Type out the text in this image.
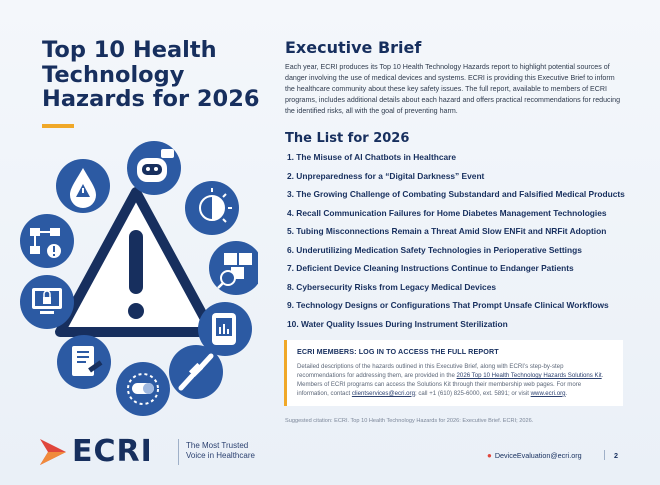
Top 10 Health
Technology
Hazards for 2026
ECRI	The Most Trusted
Voice in Healthcare
Executive Brief

Each year, ECRI produces its Top 10 Health Technology Hazards report to highlight potential sources of danger involving the use of medical devices and systems. ECRI is providing this Executive Brief to inform the healthcare community about these key safety issues. The full report, available to members of ECRI programs, includes additional details about each hazard and offers practical recommendations for reducing the identified risks, all with the goal of preventing harm.

The List for 2026
1. The Misuse of AI Chatbots in Healthcare
2. Unpreparedness for a “Digital Darkness” Event
3. The Growing Challenge of Combating Substandard and Falsified Medical Products
4. Recall Communication Failures for Home Diabetes Management Technologies
5. Tubing Misconnections Remain a Threat Amid Slow ENFit and NRFit Adoption
6. Underutilizing Medication Safety Technologies in Perioperative Settings
7. Deficient Device Cleaning Instructions Continue to Endanger Patients
8. Cybersecurity Risks from Legacy Medical Devices
9. Technology Designs or Configurations That Prompt Unsafe Clinical Workflows
10. Water Quality Issues During Instrument Sterilization

ECRI MEMBERS: LOG IN TO ACCESS THE FULL REPORT

Detailed descriptions of the hazards outlined in this Executive Brief, along with ECRI’s step-by-step recommendations for addressing them, are provided in the 2026 Top 10 Health Technology Hazards Solutions Kit. Members of ECRI programs can access the Solutions Kit through their membership web pages. For more information, contact clientservices@ecri.org; call +1 (610) 825-6000, ext. 5891; or visit www.ecri.org.

Suggested citation: ECRI. Top 10 Health Technology Hazards for 2026: Executive Brief. ECRI; 2026.
● DeviceEvaluation@ecri.org	2
